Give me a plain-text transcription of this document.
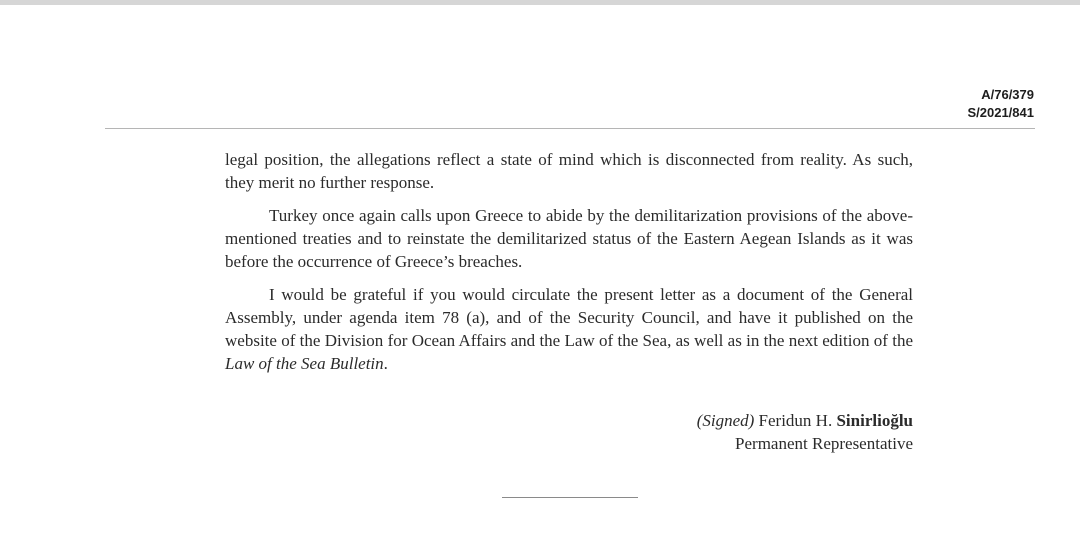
A/76/379
S/2021/841

legal position, the allegations reflect a state of mind which is disconnected from reality. As such, they merit no further response.

Turkey once again calls upon Greece to abide by the demilitarization provisions of the above-mentioned treaties and to reinstate the demilitarized status of the Eastern Aegean Islands as it was before the occurrence of Greece’s breaches.

I would be grateful if you would circulate the present letter as a document of the General Assembly, under agenda item 78 (a), and of the Security Council, and have it published on the website of the Division for Ocean Affairs and the Law of the Sea, as well as in the next edition of the Law of the Sea Bulletin.

(Signed) Feridun H. Sinirlioğlu
Permanent Representative
